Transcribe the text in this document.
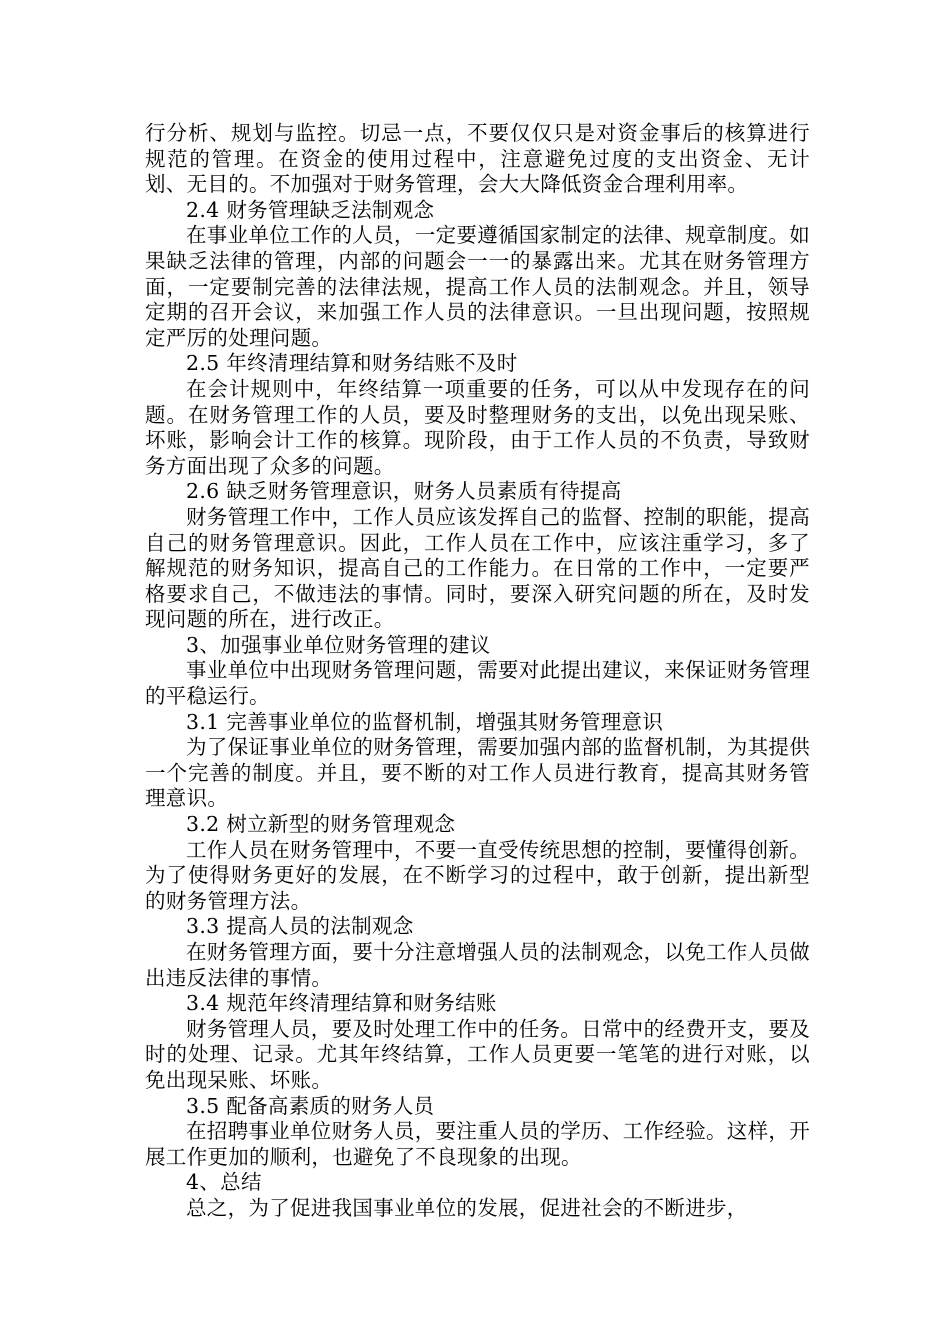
行分析、规划与监控。切忌一点，不要仅仅只是对资金事后的核算进行规范的管理。在资金的使用过程中，注意避免过度的支出资金、无计划、无目的。不加强对于财务管理，会大大降低资金合理利用率。

2.4 财务管理缺乏法制观念

在事业单位工作的人员，一定要遵循国家制定的法律、规章制度。如果缺乏法律的管理，内部的问题会一一的暴露出来。尤其在财务管理方面，一定要制完善的法律法规，提高工作人员的法制观念。并且，领导定期的召开会议，来加强工作人员的法律意识。一旦出现问题，按照规定严厉的处理问题。

2.5 年终清理结算和财务结账不及时

在会计规则中，年终结算一项重要的任务，可以从中发现存在的问题。在财务管理工作的人员，要及时整理财务的支出，以免出现呆账、坏账，影响会计工作的核算。现阶段，由于工作人员的不负责，导致财务方面出现了众多的问题。

2.6 缺乏财务管理意识，财务人员素质有待提高

财务管理工作中，工作人员应该发挥自己的监督、控制的职能，提高自己的财务管理意识。因此，工作人员在工作中，应该注重学习，多了解规范的财务知识，提高自己的工作能力。在日常的工作中，一定要严格要求自己，不做违法的事情。同时，要深入研究问题的所在，及时发现问题的所在，进行改正。

3、加强事业单位财务管理的建议

事业单位中出现财务管理问题，需要对此提出建议，来保证财务管理的平稳运行。

3.1 完善事业单位的监督机制，增强其财务管理意识

为了保证事业单位的财务管理，需要加强内部的监督机制，为其提供一个完善的制度。并且，要不断的对工作人员进行教育，提高其财务管理意识。

3.2 树立新型的财务管理观念

工作人员在财务管理中，不要一直受传统思想的控制，要懂得创新。为了使得财务更好的发展，在不断学习的过程中，敢于创新，提出新型的财务管理方法。

3.3 提高人员的法制观念

在财务管理方面，要十分注意增强人员的法制观念，以免工作人员做出违反法律的事情。

3.4 规范年终清理结算和财务结账

财务管理人员，要及时处理工作中的任务。日常中的经费开支，要及时的处理、记录。尤其年终结算，工作人员更要一笔笔的进行对账，以免出现呆账、坏账。

3.5 配备高素质的财务人员

在招聘事业单位财务人员，要注重人员的学历、工作经验。这样，开展工作更加的顺利，也避免了不良现象的出现。

4、总结

总之，为了促进我国事业单位的发展，促进社会的不断进步，
